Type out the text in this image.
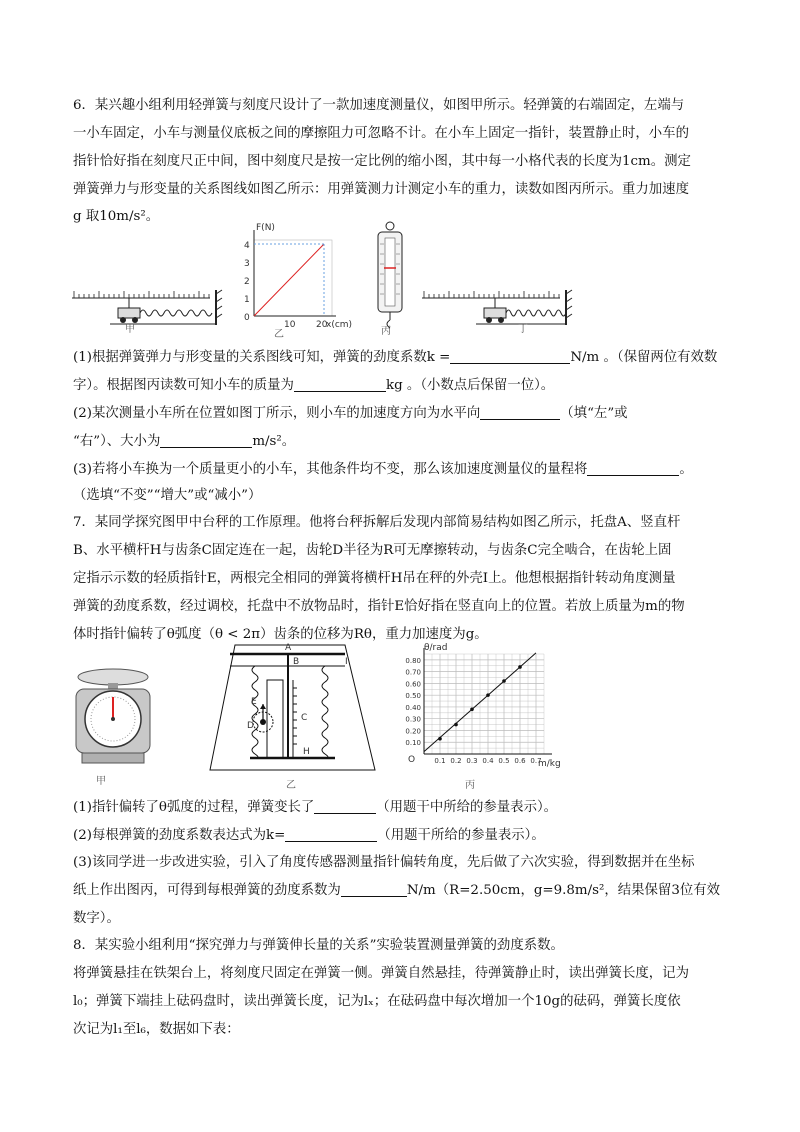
6．某兴趣小组利用轻弹簧与刻度尺设计了一款加速度测量仪，如图甲所示。轻弹簧的右端固定，左端与
一小车固定，小车与测量仪底板之间的摩擦阻力可忽略不计。在小车上固定一指针，装置静止时，小车的
指针恰好指在刻度尺正中间，图中刻度尺是按一定比例的缩小图，其中每一小格代表的长度为1cm。测定
弹簧弹力与形变量的关系图线如图乙所示：用弹簧测力计测定小车的重力，读数如图丙所示。重力加速度
g 取10m/s²。
甲
F(N)
x(cm)
0
1
2
3
4
10 20
乙	丙	丁
(1)根据弹簧弹力与形变量的关系图线可知，弹簧的劲度系数k =	N/m 。（保留两位有效数
字）。根据图丙读数可知小车的质量为	kg 。（小数点后保留一位）。
(2)某次测量小车所在位置如图丁所示，则小车的加速度方向为水平向	（填“左”或
“右”）、大小为	m/s²。
(3)若将小车换为一个质量更小的小车，其他条件均不变，那么该加速度测量仪的量程将	。
（选填“不变”“增大”或“减小”）
7．某同学探究图甲中台秤的工作原理。他将台秤拆解后发现内部简易结构如图乙所示，托盘A、竖直杆
B、水平横杆H与齿条C固定连在一起，齿轮D半径为R可无摩擦转动，与齿条C完全啮合，在齿轮上固
定指示示数的轻质指针E，两根完全相同的弹簧将横杆H吊在秤的外壳I上。他想根据指针转动角度测量
弹簧的劲度系数，经过调校，托盘中不放物品时，指针E恰好指在竖直向上的位置。若放上质量为m的物
体时指针偏转了θ弧度（θ < 2π）齿条的位移为Rθ，重力加速度为g。
甲
A
B
C
D
E
H
I
乙
0.10
0.20
0.30
0.40
0.50
0.60
0.70
0.80
0.1 0.2 0.3 0.4 0.5 0.6 0.7
θ/rad
m/kg
O
丙
(1)指针偏转了θ弧度的过程，弹簧变长了	（用题干中所给的参量表示）。
(2)每根弹簧的劲度系数表达式为k=	（用题干所给的参量表示）。
(3)该同学进一步改进实验，引入了角度传感器测量指针偏转角度，先后做了六次实验，得到数据并在坐标
纸上作出图丙，可得到每根弹簧的劲度系数为	N/m（R=2.50cm，g=9.8m/s²，结果保留3位有效
数字）。
8．某实验小组利用“探究弹力与弹簧伸长量的关系”实验装置测量弹簧的劲度系数。
将弹簧悬挂在铁架台上，将刻度尺固定在弹簧一侧。弹簧自然悬挂，待弹簧静止时，读出弹簧长度，记为
l₀；弹簧下端挂上砝码盘时，读出弹簧长度，记为lₓ；在砝码盘中每次增加一个10g的砝码，弹簧长度依
次记为l₁至l₆，数据如下表：
